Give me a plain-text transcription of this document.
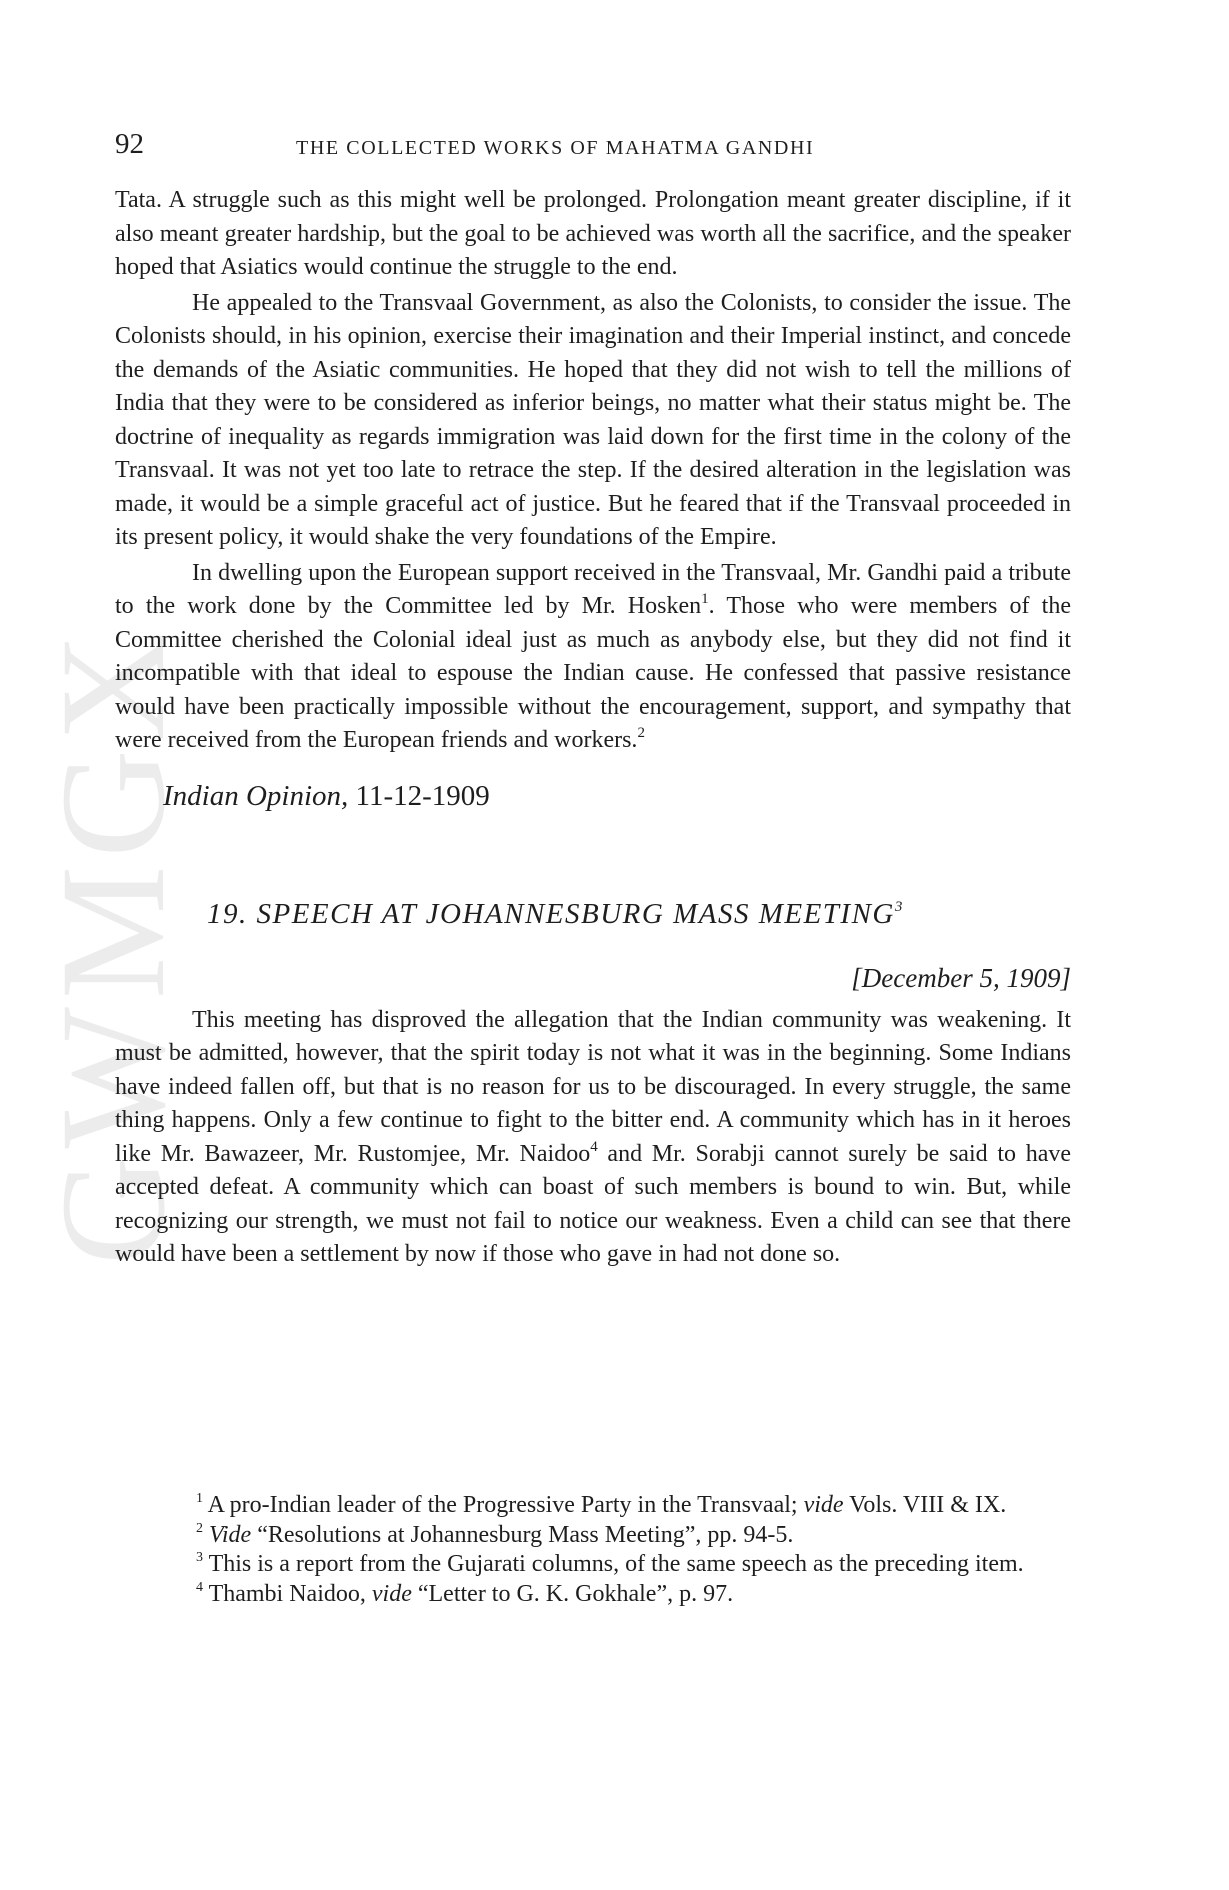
GWMGX
92	THE COLLECTED WORKS OF MAHATMA GANDHI

Tata. A struggle such as this might well be prolonged. Prolongation meant greater discipline, if it also meant greater hardship, but the goal to be achieved was worth all the sacrifice, and the speaker hoped that Asiatics would continue the struggle to the end.

He appealed to the Transvaal Government, as also the Colonists, to consider the issue. The Colonists should, in his opinion, exercise their imagination and their Imperial instinct, and concede the demands of the Asiatic communities. He hoped that they did not wish to tell the millions of India that they were to be considered as inferior beings, no matter what their status might be. The doctrine of inequality as regards immigration was laid down for the first time in the colony of the Transvaal. It was not yet too late to retrace the step. If the desired alteration in the legislation was made, it would be a simple graceful act of justice. But he feared that if the Transvaal proceeded in its present policy, it would shake the very foundations of the Empire.

In dwelling upon the European support received in the Transvaal, Mr. Gandhi paid a tribute to the work done by the Committee led by Mr. Hosken$^1$. Those who were members of the Committee cherished the Colonial ideal just as much as anybody else, but they did not find it incompatible with that ideal to espouse the Indian cause. He confessed that passive resistance would have been practically impossible without the encouragement, support, and sympathy that were received from the European friends and workers.$^2$

Indian Opinion, 11-12-1909
19. SPEECH AT JOHANNESBURG MASS MEETING$^3$
[December 5, 1909]

This meeting has disproved the allegation that the Indian community was weakening. It must be admitted, however, that the spirit today is not what it was in the beginning. Some Indians have indeed fallen off, but that is no reason for us to be discouraged. In every struggle, the same thing happens. Only a few continue to fight to the bitter end. A community which has in it heroes like Mr. Bawazeer, Mr. Rustomjee, Mr. Naidoo$^4$ and Mr. Sorabji cannot surely be said to have accepted defeat. A community which can boast of such members is bound to win. But, while recognizing our strength, we must not fail to notice our weakness. Even a child can see that there would have been a settlement by now if those who gave in had not done so.

$^1$ A pro-Indian leader of the Progressive Party in the Transvaal; vide Vols. VIII & IX.

$^2$ Vide “Resolutions at Johannesburg Mass Meeting”, pp. 94-5.

$^3$ This is a report from the Gujarati columns, of the same speech as the preceding item.

$^4$ Thambi Naidoo, vide “Letter to G. K. Gokhale”, p. 97.
